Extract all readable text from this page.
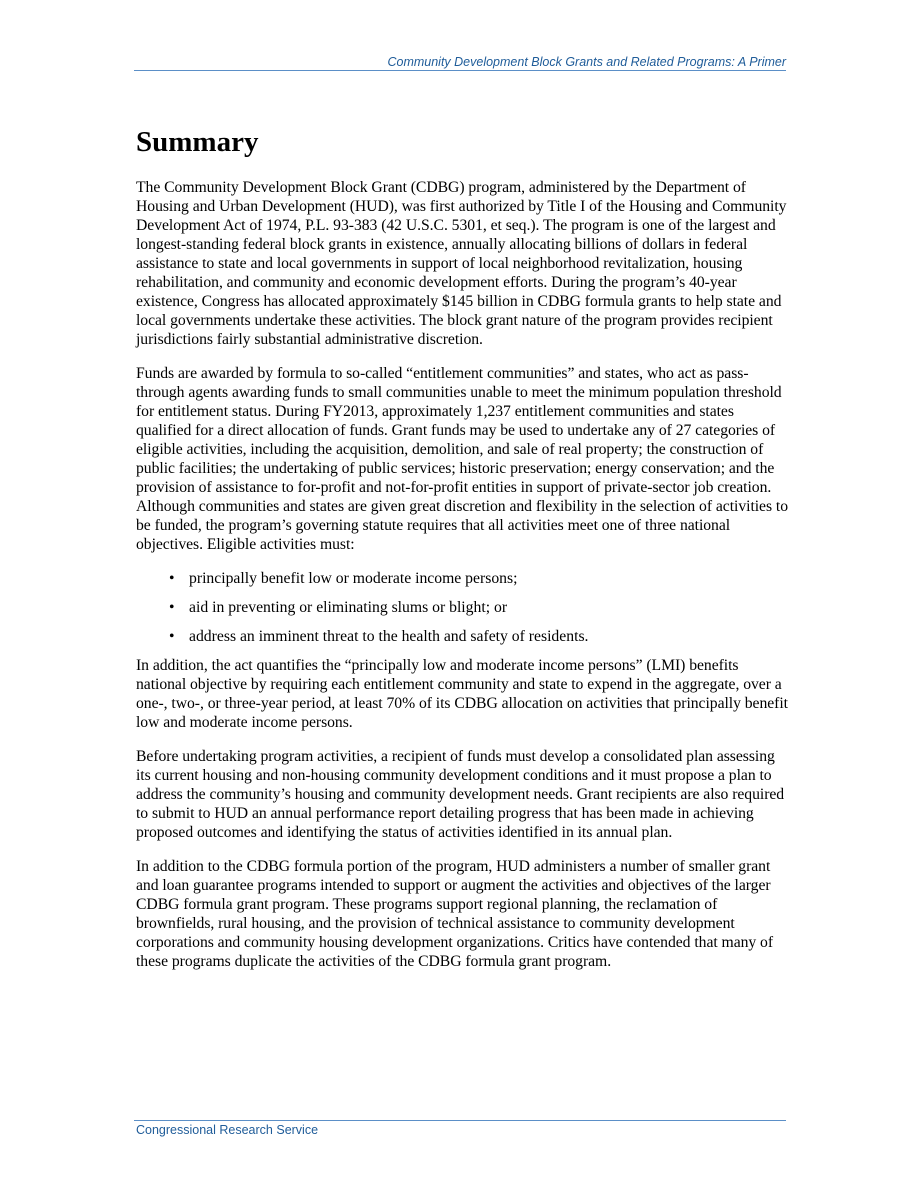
Community Development Block Grants and Related Programs: A Primer
Summary

The Community Development Block Grant (CDBG) program, administered by the Department of Housing and Urban Development (HUD), was first authorized by Title I of the Housing and Community Development Act of 1974, P.L. 93-383 (42 U.S.C. 5301, et seq.). The program is one of the largest and longest-standing federal block grants in existence, annually allocating billions of dollars in federal assistance to state and local governments in support of local neighborhood revitalization, housing rehabilitation, and community and economic development efforts. During the program’s 40-year existence, Congress has allocated approximately $145 billion in CDBG formula grants to help state and local governments undertake these activities. The block grant nature of the program provides recipient jurisdictions fairly substantial administrative discretion.

Funds are awarded by formula to so-called “entitlement communities” and states, who act as pass-through agents awarding funds to small communities unable to meet the minimum population threshold for entitlement status. During FY2013, approximately 1,237 entitlement communities and states qualified for a direct allocation of funds. Grant funds may be used to undertake any of 27 categories of eligible activities, including the acquisition, demolition, and sale of real property; the construction of public facilities; the undertaking of public services; historic preservation; energy conservation; and the provision of assistance to for-profit and not-for-profit entities in support of private-sector job creation. Although communities and states are given great discretion and flexibility in the selection of activities to be funded, the program’s governing statute requires that all activities meet one of three national objectives. Eligible activities must:

• principally benefit low or moderate income persons;
• aid in preventing or eliminating slums or blight; or
• address an imminent threat to the health and safety of residents.

In addition, the act quantifies the “principally low and moderate income persons” (LMI) benefits national objective by requiring each entitlement community and state to expend in the aggregate, over a one-, two-, or three-year period, at least 70% of its CDBG allocation on activities that principally benefit low and moderate income persons.

Before undertaking program activities, a recipient of funds must develop a consolidated plan assessing its current housing and non-housing community development conditions and it must propose a plan to address the community’s housing and community development needs. Grant recipients are also required to submit to HUD an annual performance report detailing progress that has been made in achieving proposed outcomes and identifying the status of activities identified in its annual plan.

In addition to the CDBG formula portion of the program, HUD administers a number of smaller grant and loan guarantee programs intended to support or augment the activities and objectives of the larger CDBG formula grant program. These programs support regional planning, the reclamation of brownfields, rural housing, and the provision of technical assistance to community development corporations and community housing development organizations. Critics have contended that many of these programs duplicate the activities of the CDBG formula grant program.

Congressional Research Service
